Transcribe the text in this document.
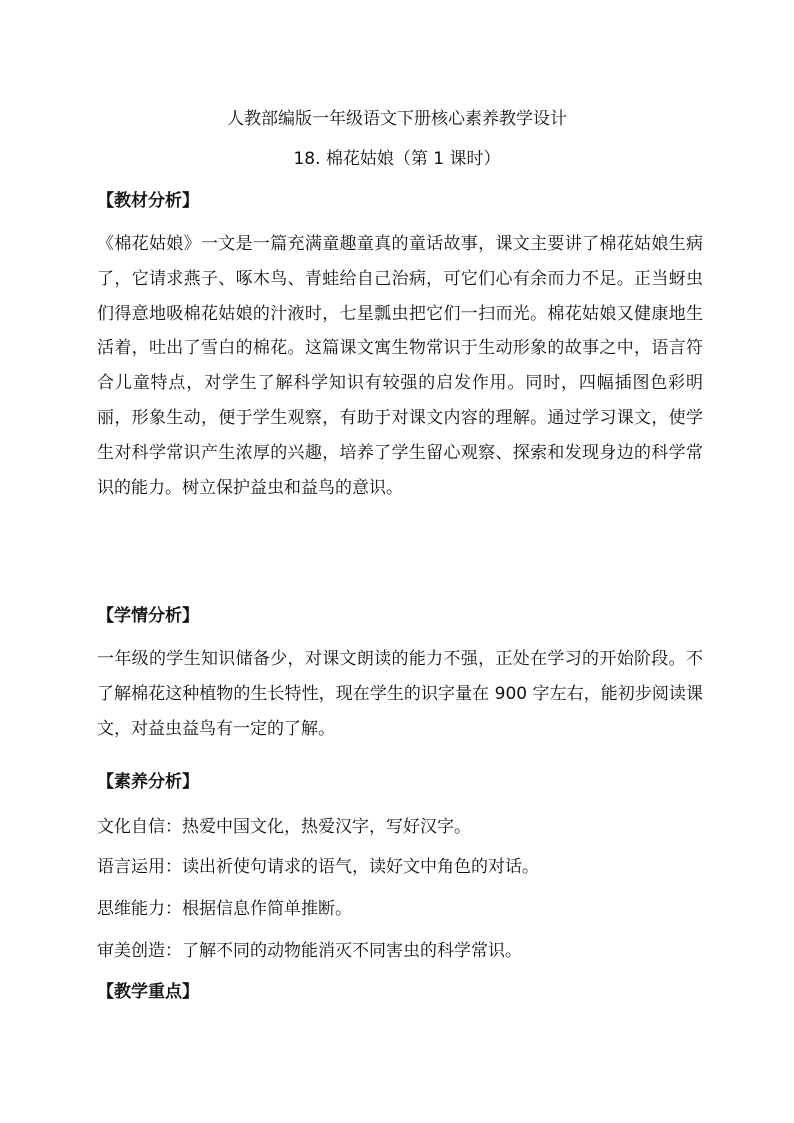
人教部编版一年级语文下册核心素养教学设计
18. 棉花姑娘（第 1 课时）
【教材分析】
《棉花姑娘》一文是一篇充满童趣童真的童话故事，课文主要讲了棉花姑娘生病了，它请求燕子、啄木鸟、青蛙给自己治病，可它们心有余而力不足。正当蚜虫们得意地吸棉花姑娘的汁液时，七星瓢虫把它们一扫而光。棉花姑娘又健康地生活着，吐出了雪白的棉花。这篇课文寓生物常识于生动形象的故事之中，语言符合儿童特点，对学生了解科学知识有较强的启发作用。同时，四幅插图色彩明丽，形象生动，便于学生观察，有助于对课文内容的理解。通过学习课文，使学生对科学常识产生浓厚的兴趣，培养了学生留心观察、探索和发现身边的科学常识的能力。树立保护益虫和益鸟的意识。
【学情分析】
一年级的学生知识储备少，对课文朗读的能力不强，正处在学习的开始阶段。不了解棉花这种植物的生长特性，现在学生的识字量在 900 字左右，能初步阅读课文，对益虫益鸟有一定的了解。
【素养分析】
文化自信：热爱中国文化，热爱汉字，写好汉字。
语言运用：读出祈使句请求的语气，读好文中角色的对话。
思维能力：根据信息作简单推断。
审美创造：了解不同的动物能消灭不同害虫的科学常识。
【教学重点】
